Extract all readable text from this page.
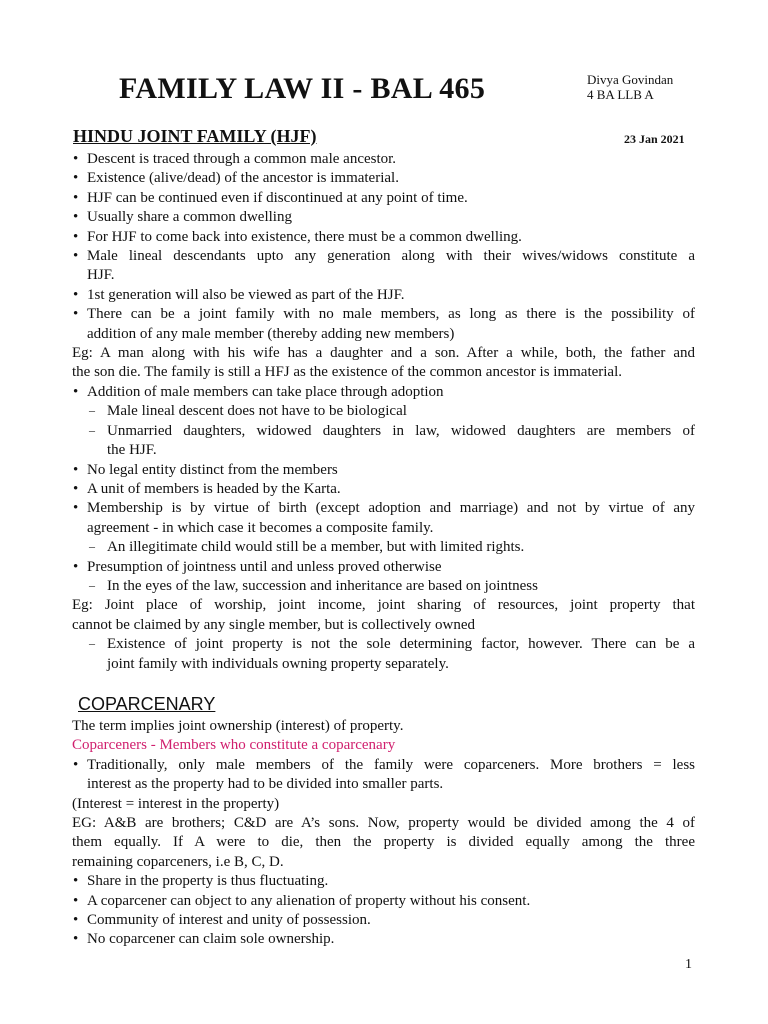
FAMILY LAW II - BAL 465	Divya Govindan
4 BA LLB A
HINDU JOINT FAMILY (HJF)	23 Jan 2021
• Descent is traced through a common male ancestor.
• Existence (alive/dead) of the ancestor is immaterial.
• HJF can be continued even if discontinued at any point of time.
• Usually share a common dwelling
• For HJF to come back into existence, there must be a common dwelling.
• Male lineal descendants upto any generation along with their wives/widows constitute a
HJF.
• 1st generation will also be viewed as part of the HJF.
• There can be a joint family with no male members, as long as there is the possibility of
addition of any male member (thereby adding new members)
Eg: A man along with his wife has a daughter and a son. After a while, both, the father and
the son die. The family is still a HFJ as the existence of the common ancestor is immaterial.
• Addition of male members can take place through adoption
– Male lineal descent does not have to be biological
– Unmarried daughters, widowed daughters in law, widowed daughters are members of
the HJF.
• No legal entity distinct from the members
• A unit of members is headed by the Karta.
• Membership is by virtue of birth (except adoption and marriage) and not by virtue of any
agreement - in which case it becomes a composite family.
– An illegitimate child would still be a member, but with limited rights.
• Presumption of jointness until and unless proved otherwise
– In the eyes of the law, succession and inheritance are based on jointness
Eg: Joint place of worship, joint income, joint sharing of resources, joint property that
cannot be claimed by any single member, but is collectively owned
– Existence of joint property is not the sole determining factor, however. There can be a
joint family with individuals owning property separately.
COPARCENARY
The term implies joint ownership (interest) of property.
Coparceners - Members who constitute a coparcenary
• Traditionally, only male members of the family were coparceners. More brothers = less
interest as the property had to be divided into smaller parts.
(Interest = interest in the property)
EG: A&B are brothers; C&D are A’s sons. Now, property would be divided among the 4 of
them equally. If A were to die, then the property is divided equally among the three
remaining coparceners, i.e B, C, D.
• Share in the property is thus fluctuating.
• A coparcener can object to any alienation of property without his consent.
• Community of interest and unity of possession.
• No coparcener can claim sole ownership.
1
